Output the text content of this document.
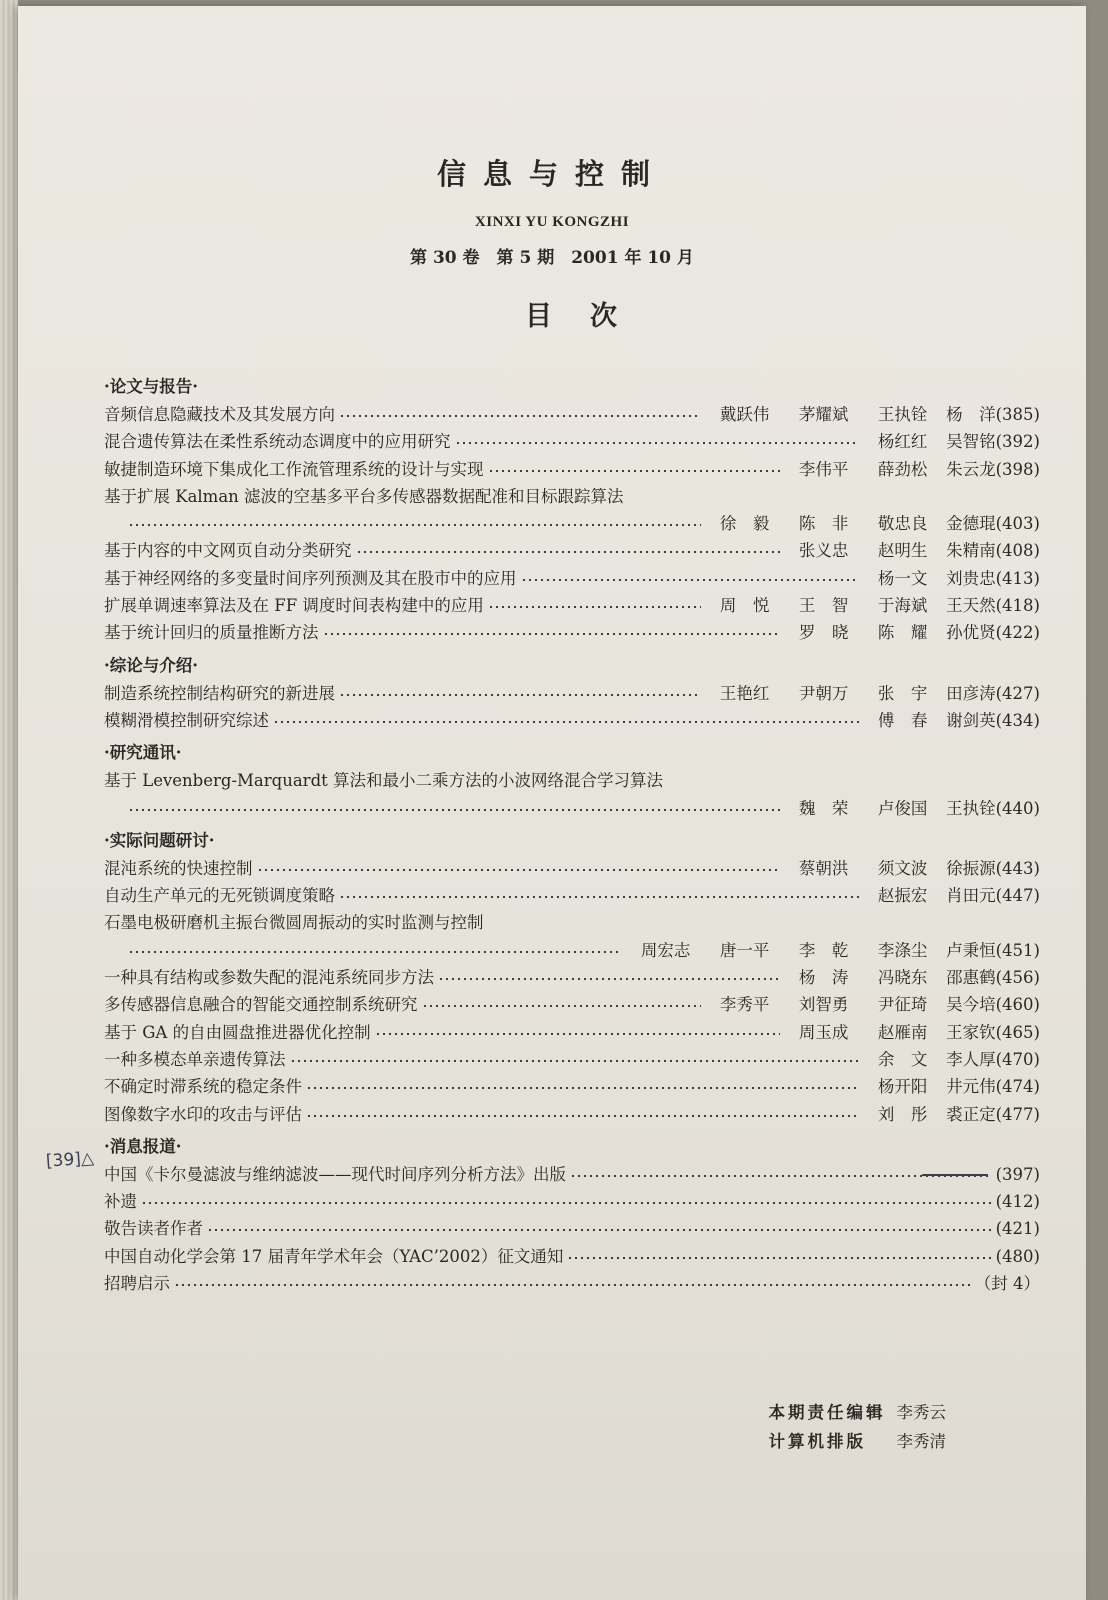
信息与控制
XINXI YU KONGZHI
第 30 卷　第 5 期　2001 年 10 月
目次
·论文与报告·
音频信息隐藏技术及其发展方向	戴跃伟	茅耀斌	王执铨	杨　洋 (385)
混合遗传算法在柔性系统动态调度中的应用研究	杨红红	吴智铭 (392)
敏捷制造环境下集成化工作流管理系统的设计与实现	李伟平	薛劲松	朱云龙 (398)
基于扩展 Kalman 滤波的空基多平台多传感器数据配准和目标跟踪算法
徐　毅	陈　非	敬忠良	金德琨 (403)
基于内容的中文网页自动分类研究	张义忠	赵明生	朱精南 (408)
基于神经网络的多变量时间序列预测及其在股市中的应用	杨一文	刘贵忠 (413)
扩展单调速率算法及在 FF 调度时间表构建中的应用	周　悦	王　智	于海斌	王天然 (418)
基于统计回归的质量推断方法	罗　晓	陈　耀	孙优贤 (422)
·综论与介绍·
制造系统控制结构研究的新进展	王艳红	尹朝万	张　宇	田彦涛 (427)
模糊滑模控制研究综述	傅　春	谢剑英 (434)
·研究通讯·
基于 Levenberg-Marquardt 算法和最小二乘方法的小波网络混合学习算法
魏　荣	卢俊国	王执铨 (440)
·实际问题研讨·
混沌系统的快速控制	蔡朝洪	须文波	徐振源 (443)
自动生产单元的无死锁调度策略	赵振宏	肖田元 (447)
石墨电极研磨机主振台微圆周振动的实时监测与控制
周宏志	唐一平	李　乾	李涤尘	卢秉恒 (451)
一种具有结构或参数失配的混沌系统同步方法	杨　涛	冯晓东	邵惠鹤 (456)
多传感器信息融合的智能交通控制系统研究	李秀平	刘智勇	尹征琦	吴今培 (460)
基于 GA 的自由圆盘推进器优化控制	周玉成	赵雁南	王家钦 (465)
一种多模态单亲遗传算法	余　文	李人厚 (470)
不确定时滞系统的稳定条件	杨开阳	井元伟 (474)
图像数字水印的攻击与评估	刘　彤	裘正定 (477)
·消息报道·
中国《卡尔曼滤波与维纳滤波——现代时间序列分析方法》出版	(397)
补遗	(412)
敬告读者作者	(421)
中国自动化学会第 17 届青年学术年会（YAC’2002）征文通知	(480)
招聘启示	（封 4）
本期责任编辑 李秀云
计算机排版 李秀清
[39]△
